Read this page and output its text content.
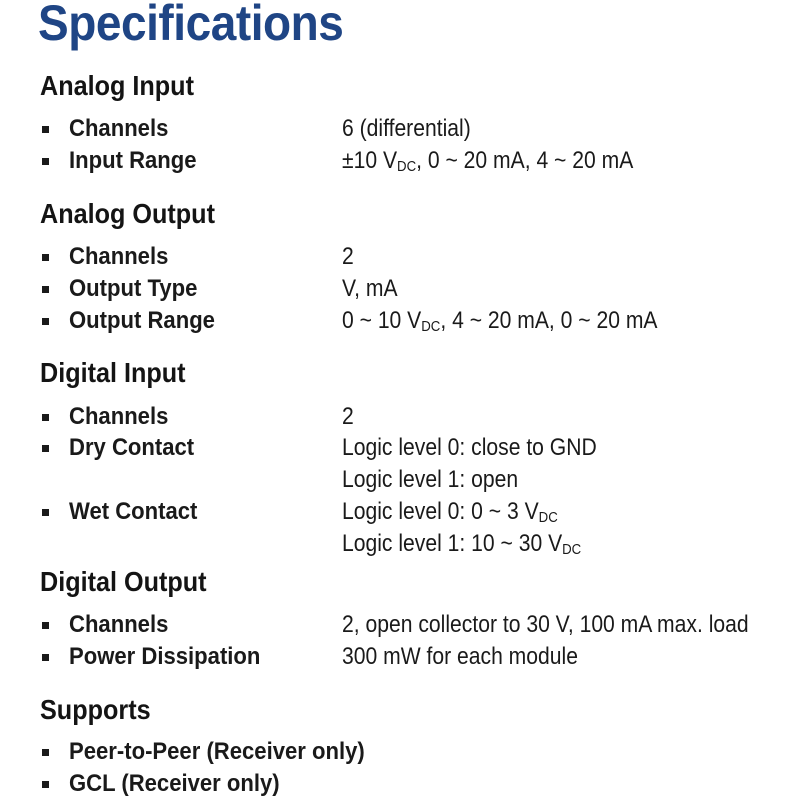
Specifications
Analog Input
Channels	6 (differential)
Input Range	±10 $V_{DC}$, 0 ~ 20 mA, 4 ~ 20 mA
Analog Output
Channels	2
Output Type	V, mA
Output Range	0 ~ 10 $V_{DC}$, 4 ~ 20 mA, 0 ~ 20 mA
Digital Input
Channels	2
Dry Contact	Logic level 0: close to GND
Logic level 1: open
Wet Contact	Logic level 0: 0 ~ 3 $V_{DC}$
Logic level 1: 10 ~ 30 $V_{DC}$
Digital Output
Channels	2, open collector to 30 V, 100 mA max. load
Power Dissipation	300 mW for each module
Supports
Peer-to-Peer (Receiver only)
GCL (Receiver only)
